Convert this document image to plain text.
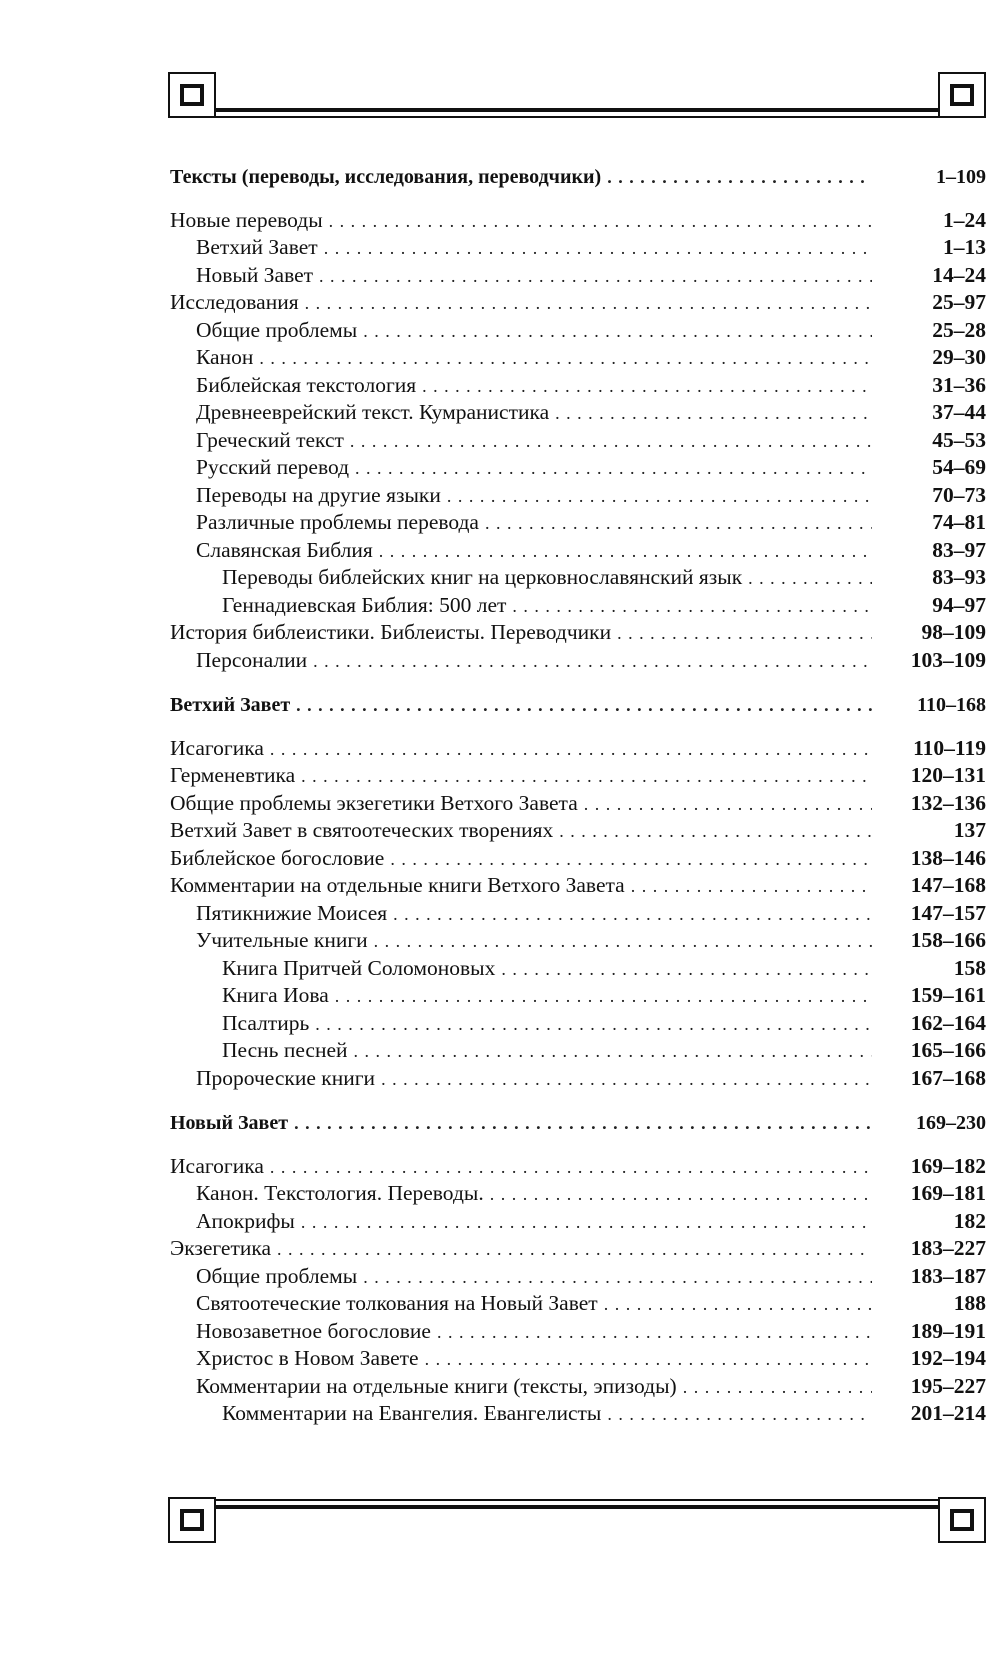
Тексты (переводы, исследования, переводчики) . . .	1–109
Новые переводы . . .	1–24
Ветхий Завет . . .	1–13
Новый Завет . . .	14–24
Исследования . . .	25–97
Общие проблемы . . .	25–28
Канон . . .	29–30
Библейская текстология . . .	31–36
Древнееврейский текст. Кумранистика . . .	37–44
Греческий текст . . .	45–53
Русский перевод . . .	54–69
Переводы на другие языки . . .	70–73
Различные проблемы перевода . . .	74–81
Славянская Библия . . .	83–97
Переводы библейских книг на церковнославянский язык . . .	83–93
Геннадиевская Библия: 500 лет . . .	94–97
История библеистики. Библеисты. Переводчики . . .	98–109
Персоналии . . .	103–109
Ветхий Завет . . .	110–168
Исагогика . . .	110–119
Герменевтика . . .	120–131
Общие проблемы экзегетики Ветхого Завета . . .	132–136
Ветхий Завет в святоотеческих творениях . . .	137
Библейское богословие . . .	138–146
Комментарии на отдельные книги Ветхого Завета . . .	147–168
Пятикнижие Моисея . . .	147–157
Учительные книги . . .	158–166
Книга Притчей Соломоновых . . .	158
Книга Иова . . .	159–161
Псалтирь . . .	162–164
Песнь песней . . .	165–166
Пророческие книги . . .	167–168
Новый Завет . . .	169–230
Исагогика . . .	169–182
Канон. Текстология. Переводы. . . .	169–181
Апокрифы . . .	182
Экзегетика . . .	183–227
Общие проблемы . . .	183–187
Святоотеческие толкования на Новый Завет . . .	188
Новозаветное богословие . . .	189–191
Христос в Новом Завете . . .	192–194
Комментарии на отдельные книги (тексты, эпизоды) . . .	195–227
Комментарии на Евангелия. Евангелисты . . .	201–214
